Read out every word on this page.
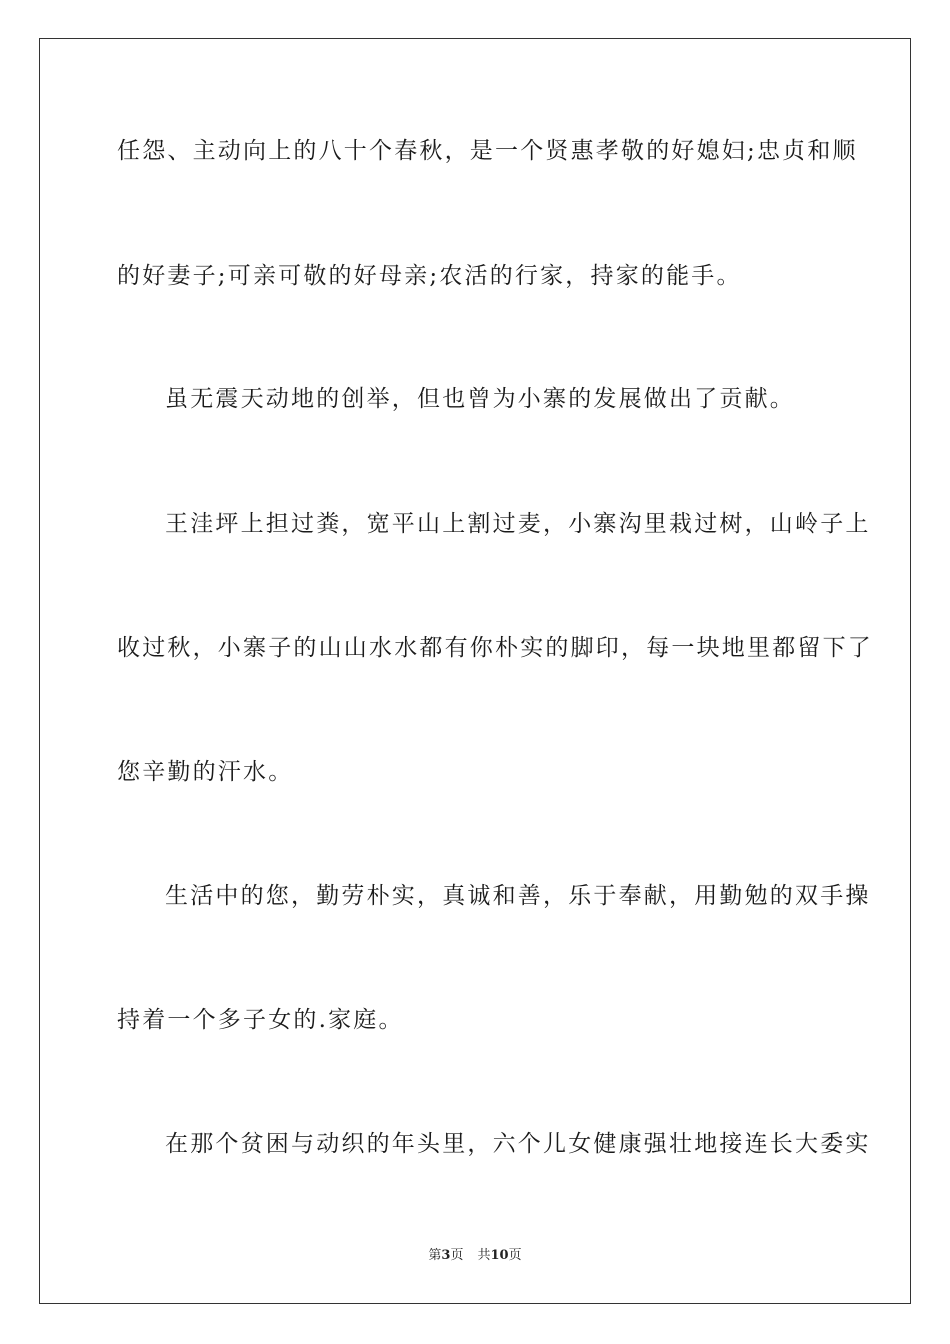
任怨、主动向上的八十个春秋，是一个贤惠孝敬的好媳妇;忠贞和顺
的好妻子;可亲可敬的好母亲;农活的行家，持家的能手。
虽无震天动地的创举，但也曾为小寨的发展做出了贡献。
王洼坪上担过粪，宽平山上割过麦，小寨沟里栽过树，山岭子上
收过秋，小寨子的山山水水都有你朴实的脚印，每一块地里都留下了
您辛勤的汗水。
生活中的您，勤劳朴实，真诚和善，乐于奉献，用勤勉的双手操
持着一个多子女的.家庭。
在那个贫困与动织的年头里，六个儿女健康强壮地接连长大委实
第3页 共10页
